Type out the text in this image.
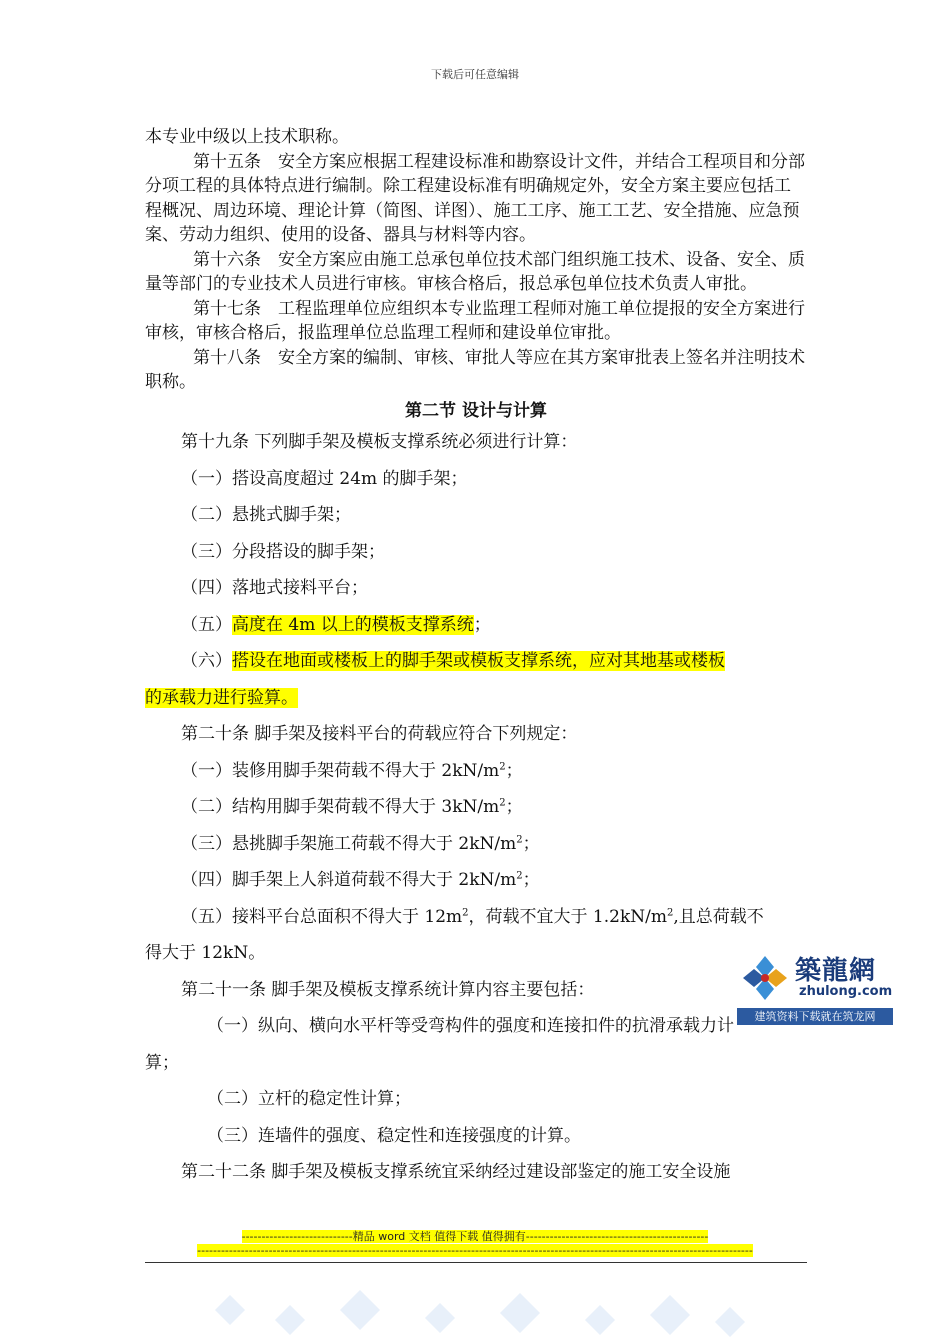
下载后可任意编辑

本专业中级以上技术职称。

第十五条　安全方案应根据工程建设标准和勘察设计文件，并结合工程项目和分部分项工程的具体特点进行编制。除工程建设标准有明确规定外，安全方案主要应包括工程概况、周边环境、理论计算（简图、详图）、施工工序、施工工艺、安全措施、应急预案、劳动力组织、使用的设备、器具与材料等内容。

第十六条　安全方案应由施工总承包单位技术部门组织施工技术、设备、安全、质量等部门的专业技术人员进行审核。审核合格后，报总承包单位技术负责人审批。

第十七条　工程监理单位应组织本专业监理工程师对施工单位提报的安全方案进行审核，审核合格后，报监理单位总监理工程师和建设单位审批。

第十八条　安全方案的编制、审核、审批人等应在其方案审批表上签名并注明技术职称。

第二节 设计与计算

第十九条 下列脚手架及模板支撑系统必须进行计算：

（一）搭设高度超过 24m 的脚手架；

（二）悬挑式脚手架；

（三）分段搭设的脚手架；

（四）落地式接料平台；

（五）高度在 4m 以上的模板支撑系统；

（六）搭设在地面或楼板上的脚手架或模板支撑系统，应对其地基或楼板

的承载力进行验算。

第二十条 脚手架及接料平台的荷载应符合下列规定：

（一）装修用脚手架荷载不得大于 $2kN/m^2$；

（二）结构用脚手架荷载不得大于 $3kN/m^2$；

（三）悬挑脚手架施工荷载不得大于 $2kN/m^2$；

（四）脚手架上人斜道荷载不得大于 $2kN/m^2$；

（五）接料平台总面积不得大于 $12m^2$，荷载不宜大于 $1.2kN/m^2$,且总荷载不

得大于 12kN。

第二十一条 脚手架及模板支撑系统计算内容主要包括：

（一）纵向、横向水平杆等受弯构件的强度和连接扣件的抗滑承载力计

算；

（二）立杆的稳定性计算；

（三）连墙件的强度、稳定性和连接强度的计算。

第二十二条 脚手架及模板支撑系统宜采纳经过建设部鉴定的施工安全设施

築龍網
zhulong.com
建筑资料下载就在筑龙网
----------------------------精品 word 文档 值得下载 值得拥有----------------------------------------------
--------------------------------------------------------------------------------------------------------------------------------------------
